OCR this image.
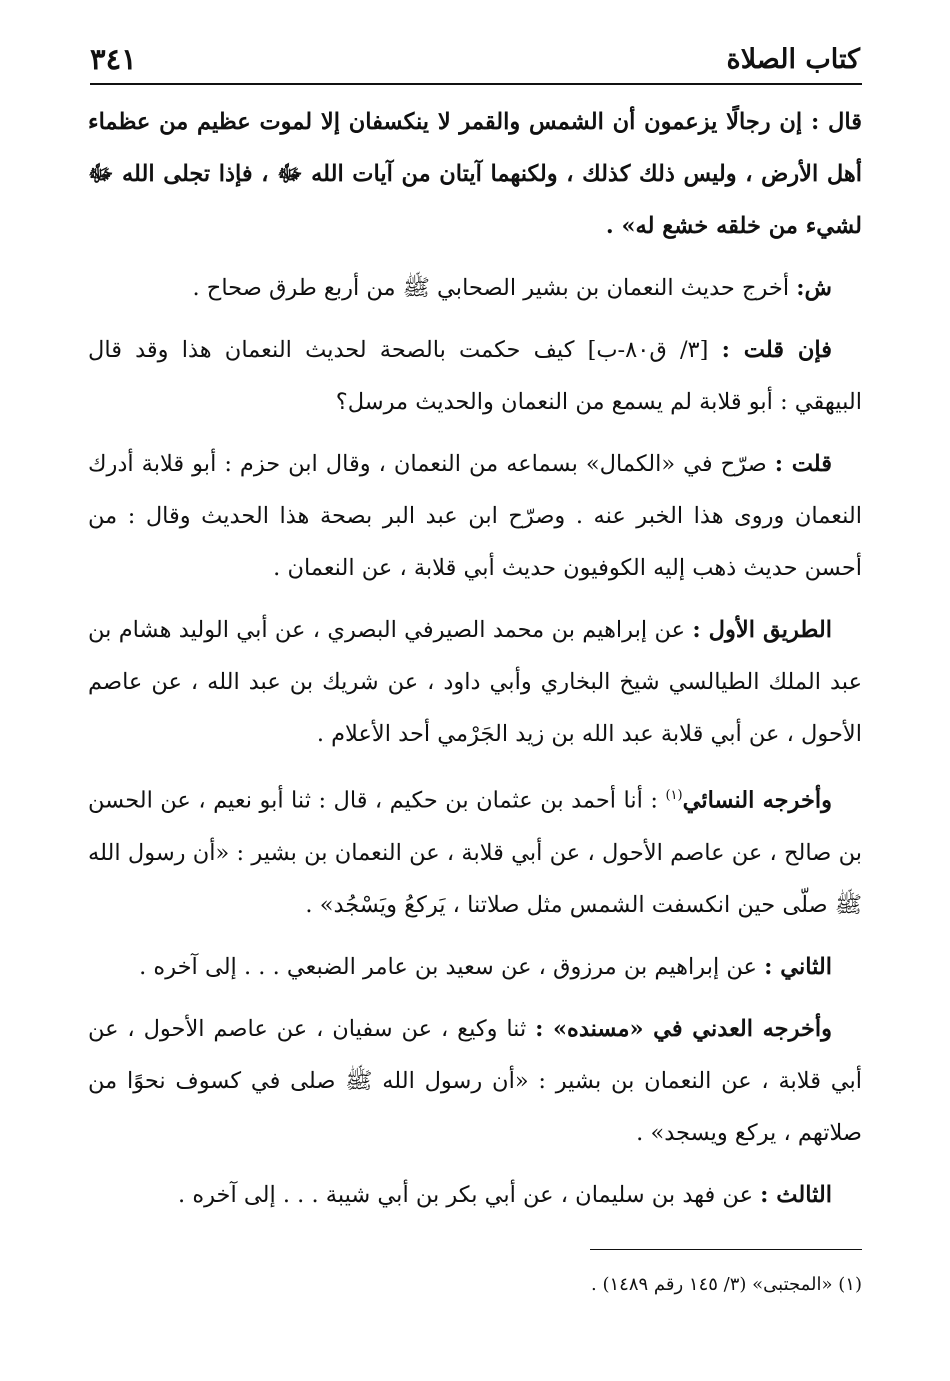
كتاب الصلاة
٣٤١

قال : إن رجالًا يزعمون أن الشمس والقمر لا ينكسفان إلا لموت عظيم من عظماء أهل الأرض ، وليس ذلك كذلك ، ولكنهما آيتان من آيات الله ﷻ ، فإذا تجلى الله ﷻ لشيء من خلقه خشع له» .

ش: أخرج حديث النعمان بن بشير الصحابي ﷺ من أربع طرق صحاح .

فإن قلت : [٣/ ق٨٠-ب] كيف حكمت بالصحة لحديث النعمان هذا وقد قال البيهقي : أبو قلابة لم يسمع من النعمان والحديث مرسل؟

قلت : صرّح في «الكمال» بسماعه من النعمان ، وقال ابن حزم : أبو قلابة أدرك النعمان وروى هذا الخبر عنه . وصرّح ابن عبد البر بصحة هذا الحديث وقال : من أحسن حديث ذهب إليه الكوفيون حديث أبي قلابة ، عن النعمان .

الطريق الأول : عن إبراهيم بن محمد الصيرفي البصري ، عن أبي الوليد هشام بن عبد الملك الطيالسي شيخ البخاري وأبي داود ، عن شريك بن عبد الله ، عن عاصم الأحول ، عن أبي قلابة عبد الله بن زيد الجَرْمي أحد الأعلام .

وأخرجه النسائي$^{(١)}$ : أنا أحمد بن عثمان بن حكيم ، قال : ثنا أبو نعيم ، عن الحسن بن صالح ، عن عاصم الأحول ، عن أبي قلابة ، عن النعمان بن بشير : «أن رسول الله ﷺ صلّى حين انكسفت الشمس مثل صلاتنا ، يَركعُ ويَسْجُد» .

الثاني : عن إبراهيم بن مرزوق ، عن سعيد بن عامر الضبعي . . . إلى آخره .

وأخرجه العدني في «مسنده» : ثنا وكيع ، عن سفيان ، عن عاصم الأحول ، عن أبي قلابة ، عن النعمان بن بشير : «أن رسول الله ﷺ صلى في كسوف نحوًا من صلاتهم ، يركع ويسجد» .

الثالث : عن فهد بن سليمان ، عن أبي بكر بن أبي شيبة . . . إلى آخره .

(١) «المجتبى» (٣/ ١٤٥ رقم ١٤٨٩) .
